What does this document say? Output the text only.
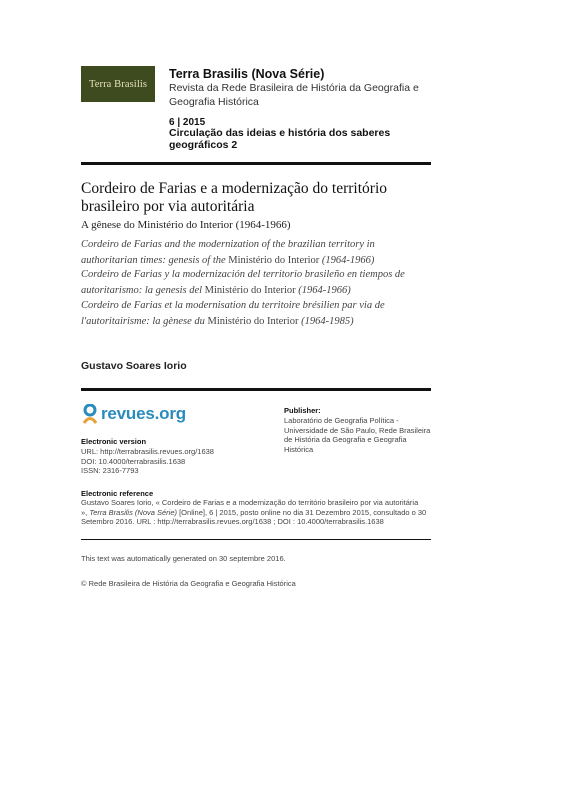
Terra Brasilis
Terra Brasilis (Nova Série)
Revista da Rede Brasileira de História da Geografia e Geografia Histórica
6 | 2015
Circulação das ideias e história dos saberes geográficos 2
Cordeiro de Farias e a modernização do território brasileiro por via autoritária
A gênese do Ministério do Interior (1964-1966)
Cordeiro de Farias and the modernization of the brazilian territory in
authoritarian times: genesis of the Ministério do Interior (1964-1966)
Cordeiro de Farias y la modernización del territorio brasileño en tiempos de
autoritarismo: la genesis del Ministério do Interior (1964-1966)
Cordeiro de Farias et la modernisation du territoire brésilien par via de
l'autoritairisme: la gènese du Ministério do Interior (1964-1985)
Gustavo Soares Iorio
revues.org
Electronic version
URL: http://terrabrasilis.revues.org/1638
DOI: 10.4000/terrabrasilis.1638
ISSN: 2316-7793
Publisher:
Laboratório de Geografia Política -
Universidade de São Paulo, Rede Brasileira
de História da Geografia e Geografia
Histórica
Electronic reference
Gustavo Soares Iorio, « Cordeiro de Farias e a modernização do território brasileiro por via autoritária
», Terra Brasilis (Nova Série) [Online], 6 | 2015, posto online no dia 31 Dezembro 2015, consultado o 30
Setembro 2016. URL : http://terrabrasilis.revues.org/1638 ; DOI : 10.4000/terrabrasilis.1638
This text was automatically generated on 30 septembre 2016.
© Rede Brasileira de História da Geografia e Geografia Histórica
